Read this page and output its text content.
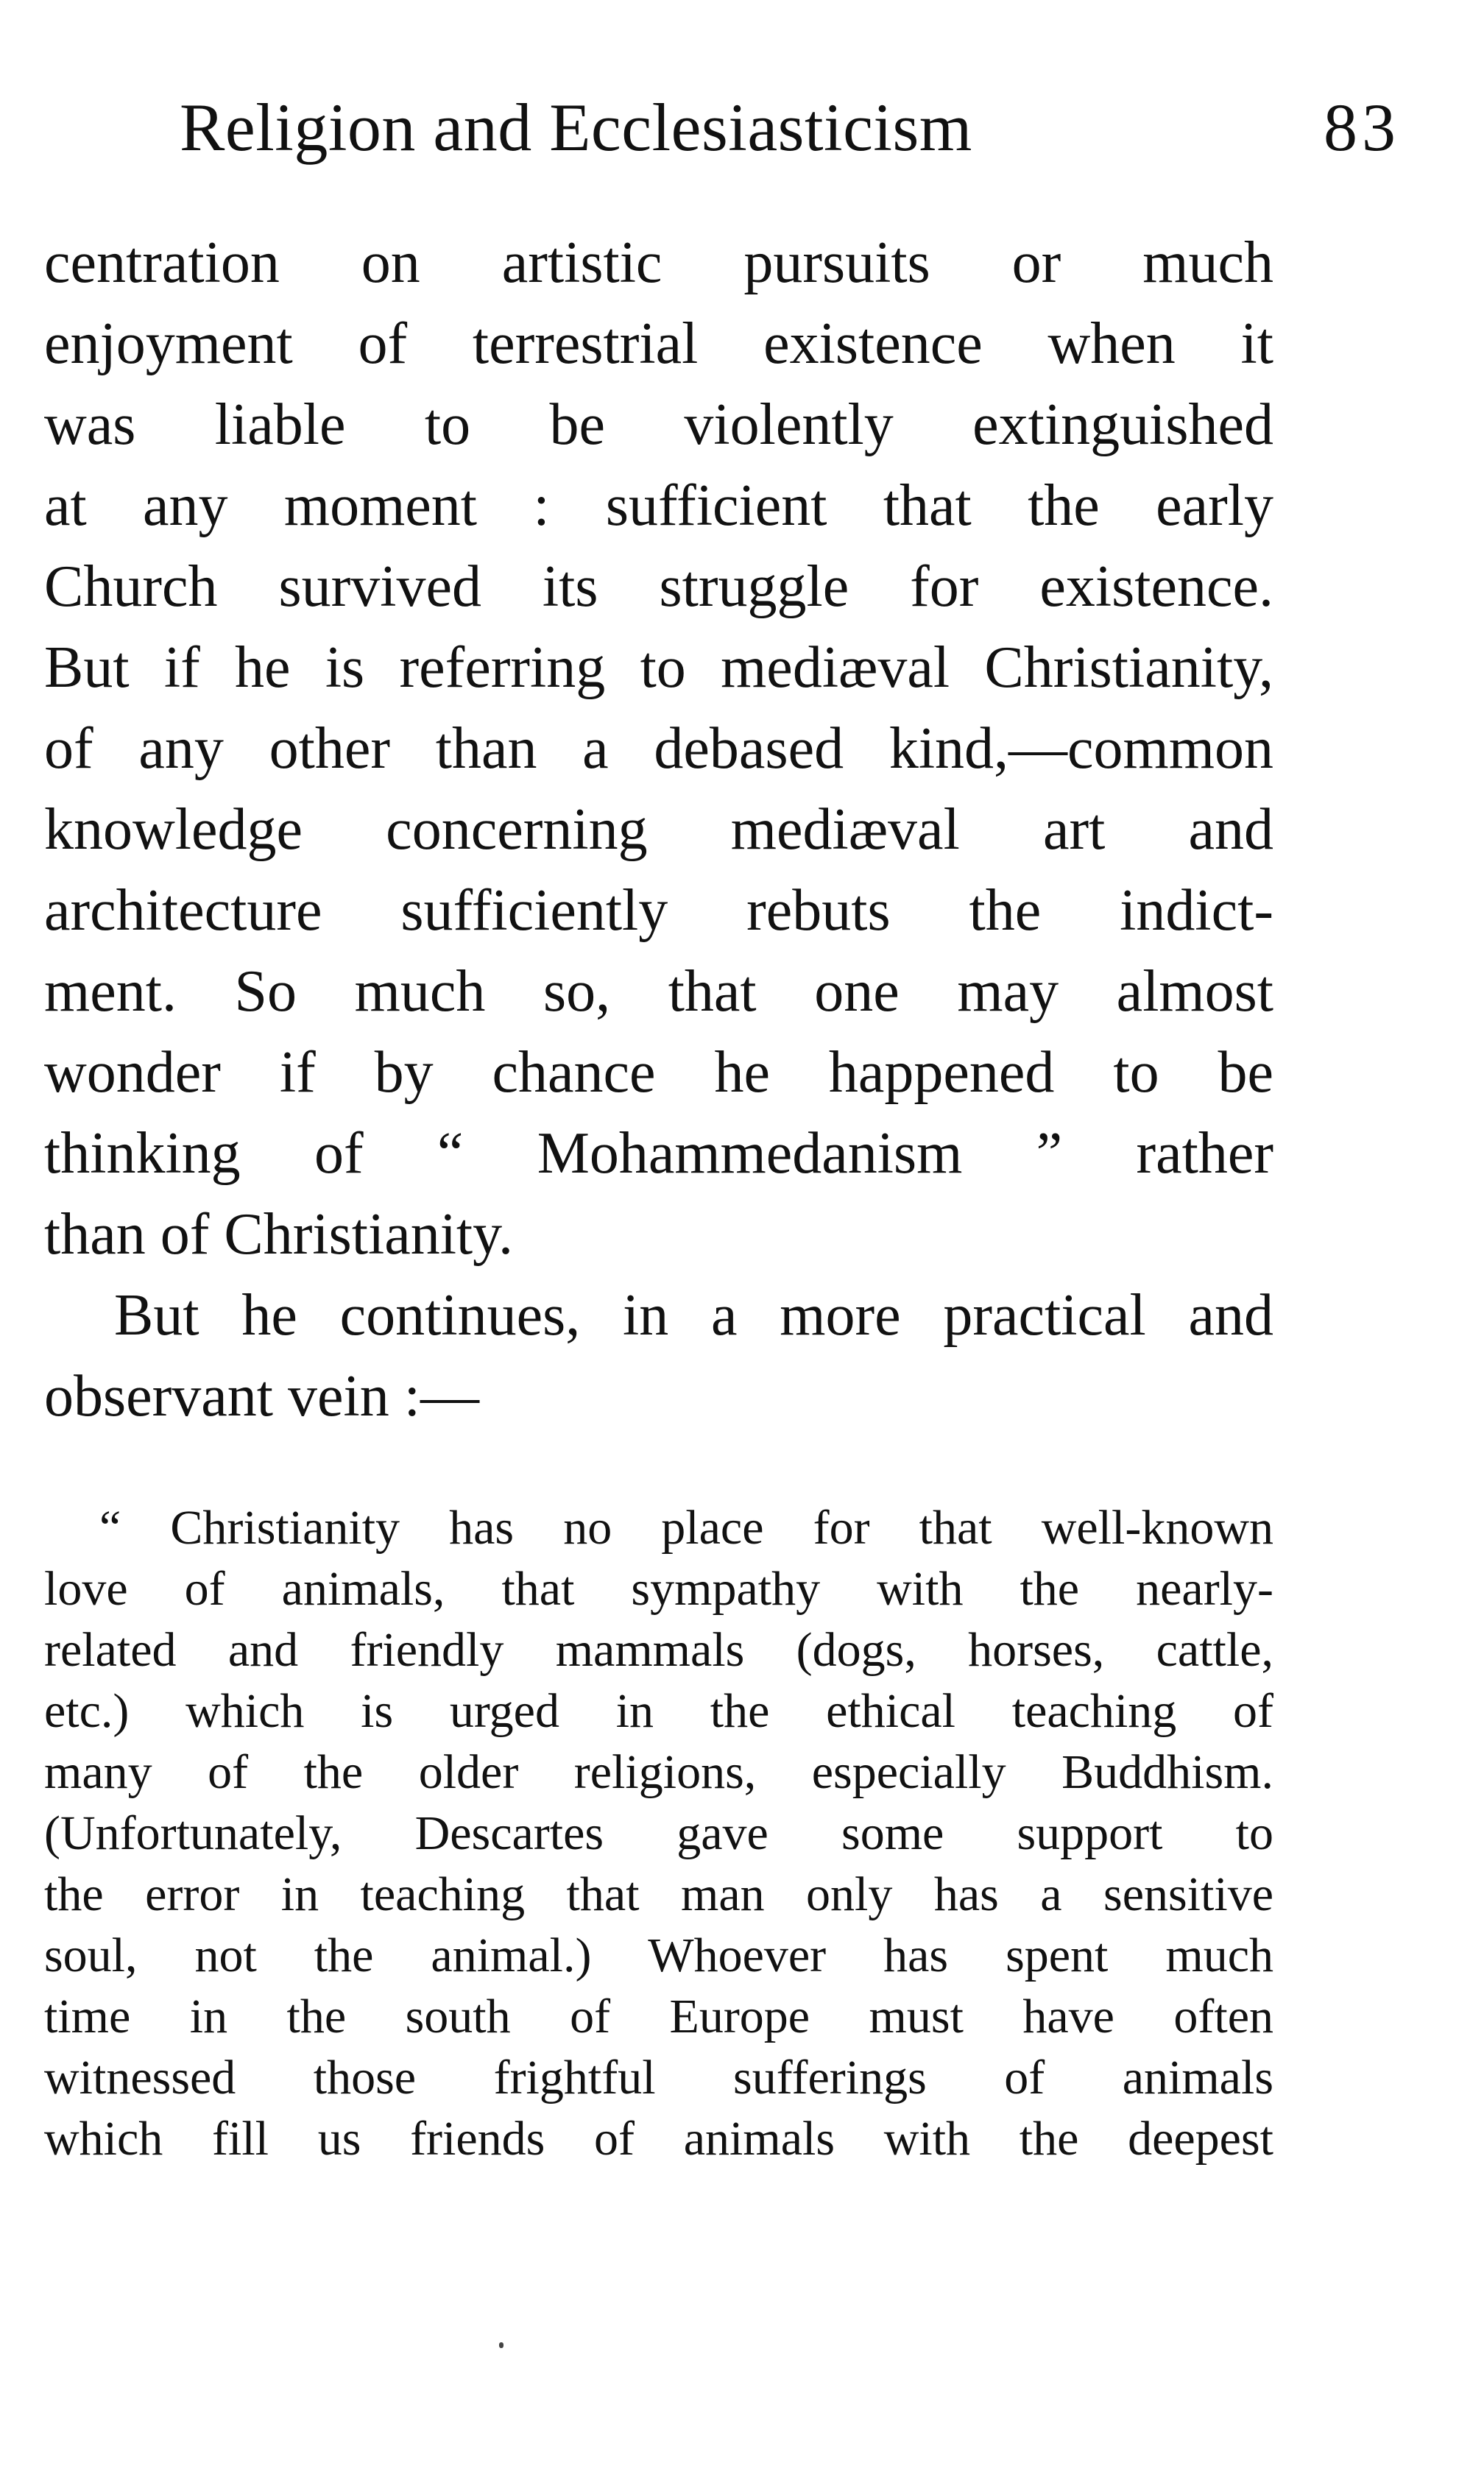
Religion and Ecclesiasticism	83
centration on artistic pursuits or much
enjoyment of terrestrial existence when it
was liable to be violently extinguished
at any moment : sufficient that the early
Church survived its struggle for existence.
But if he is referring to mediæval Christianity,
of any other than a debased kind,—common
knowledge concerning mediæval art and
architecture sufficiently rebuts the indict-
ment. So much so, that one may almost
wonder if by chance he happened to be
thinking of “ Mohammedanism ” rather
than of Christianity.
But he continues, in a more practical and
observant vein :—
“ Christianity has no place for that well-known
love of animals, that sympathy with the nearly-
related and friendly mammals (dogs, horses, cattle,
etc.) which is urged in the ethical teaching of
many of the older religions, especially Buddhism.
(Unfortunately, Descartes gave some support to
the error in teaching that man only has a sensitive
soul, not the animal.) Whoever has spent much
time in the south of Europe must have often
witnessed those frightful sufferings of animals
which fill us friends of animals with the deepest
